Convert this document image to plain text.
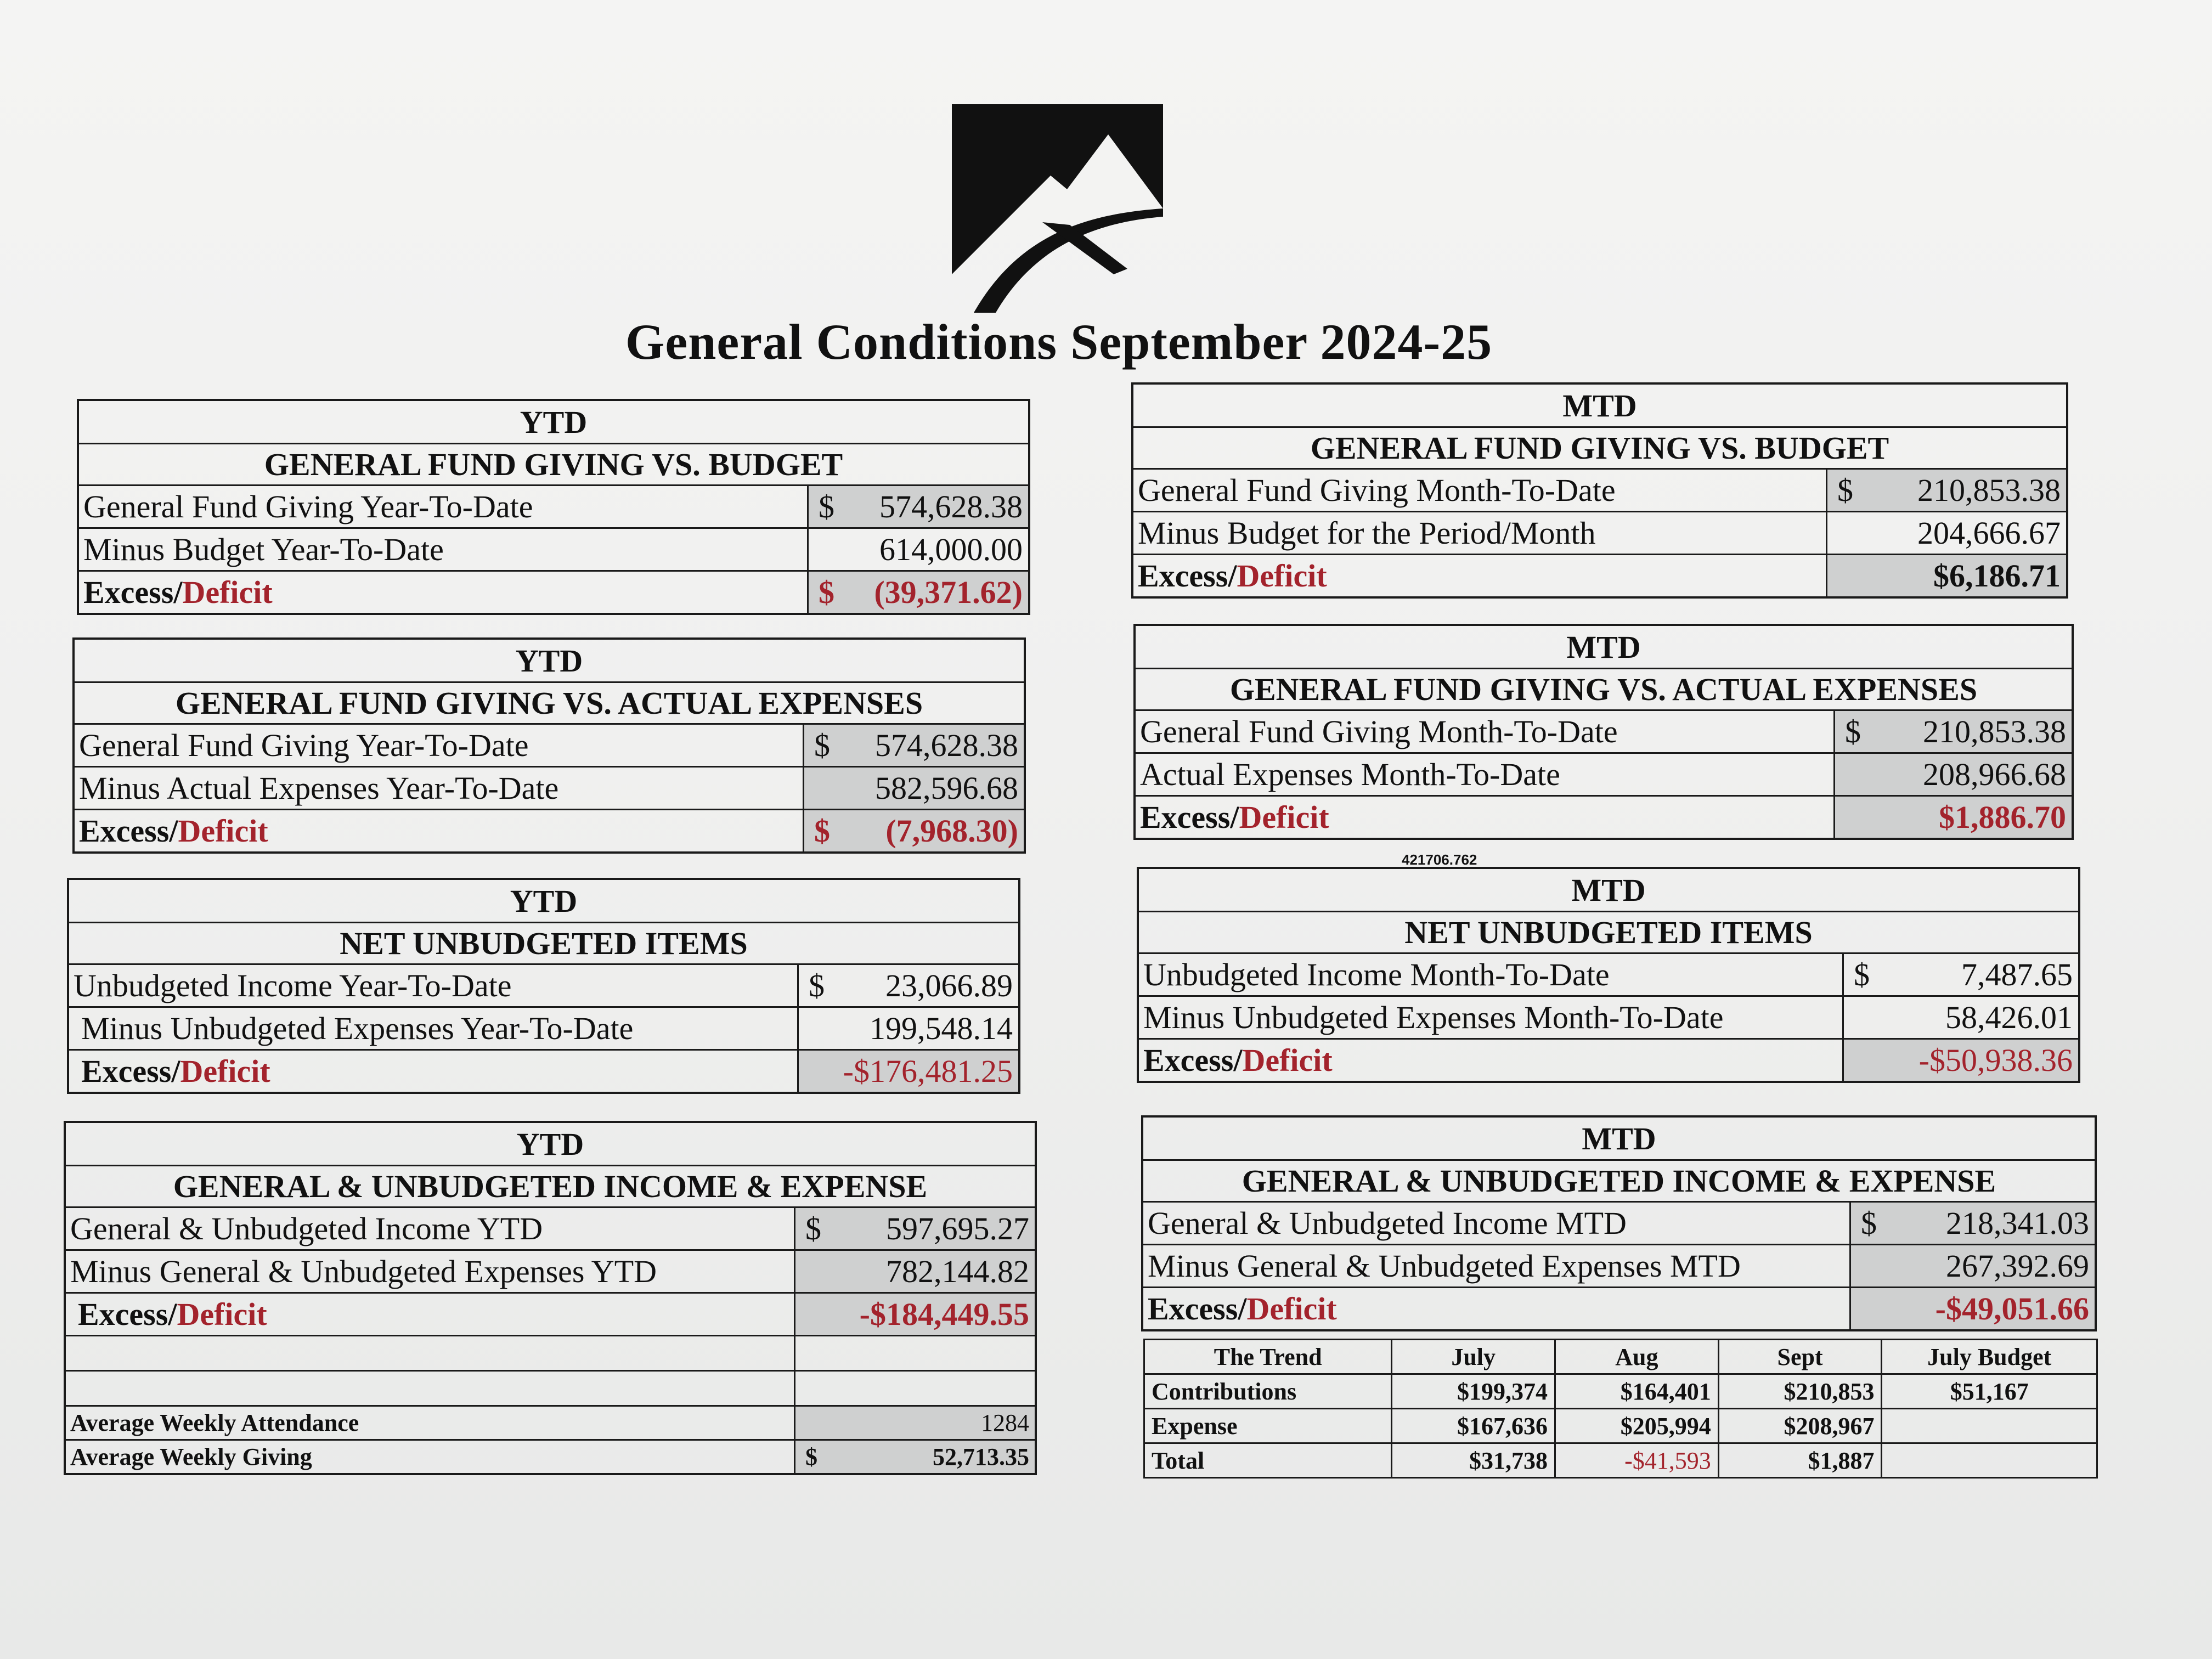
General Conditions September 2024-25
YTD
GENERAL FUND GIVING VS. BUDGET
General Fund Giving Year-To-Date	$ 574,628.38
Minus Budget Year-To-Date	614,000.00
Excess/ Deficit	$ (39,371.62)
YTD
GENERAL FUND GIVING VS. ACTUAL EXPENSES
General Fund Giving Year-To-Date	$ 574,628.38
Minus Actual Expenses Year-To-Date	582,596.68
Excess/ Deficit	$ (7,968.30)
YTD
NET UNBUDGETED ITEMS
Unbudgeted Income Year-To-Date	$ 23,066.89
Minus Unbudgeted Expenses Year-To-Date	199,548.14
Excess/ Deficit	-$176,481.25
YTD
GENERAL & UNBUDGETED INCOME & EXPENSE
General & Unbudgeted Income YTD	$ 597,695.27
Minus General & Unbudgeted Expenses YTD	782,144.82
Excess/ Deficit	-$184,449.55
Average Weekly Attendance	1284
Average Weekly Giving	$	52,713.35
MTD
GENERAL FUND GIVING VS. BUDGET
General Fund Giving Month-To-Date	$ 210,853.38
Minus Budget for the Period/Month	204,666.67
Excess/ Deficit	$6,186.71
MTD
GENERAL FUND GIVING VS. ACTUAL EXPENSES
General Fund Giving Month-To-Date	$ 210,853.38
Actual Expenses Month-To-Date	208,966.68
Excess/ Deficit	$1,886.70
421706.762
MTD
NET UNBUDGETED ITEMS
Unbudgeted Income Month-To-Date	$	7,487.65
Minus Unbudgeted Expenses Month-To-Date	58,426.01
Excess/ Deficit	-$50,938.36
MTD
GENERAL & UNBUDGETED INCOME & EXPENSE
General & Unbudgeted Income MTD	$ 218,341.03
Minus General & Unbudgeted Expenses MTD	267,392.69
Excess/ Deficit	-$49,051.66
The Trend	July	Aug	Sept	July Budget
Contributions	$199,374	$164,401	$210,853	$51,167
Expense	$167,636	$205,994	$208,967	
Total	$31,738	-$41,593	$1,887	
